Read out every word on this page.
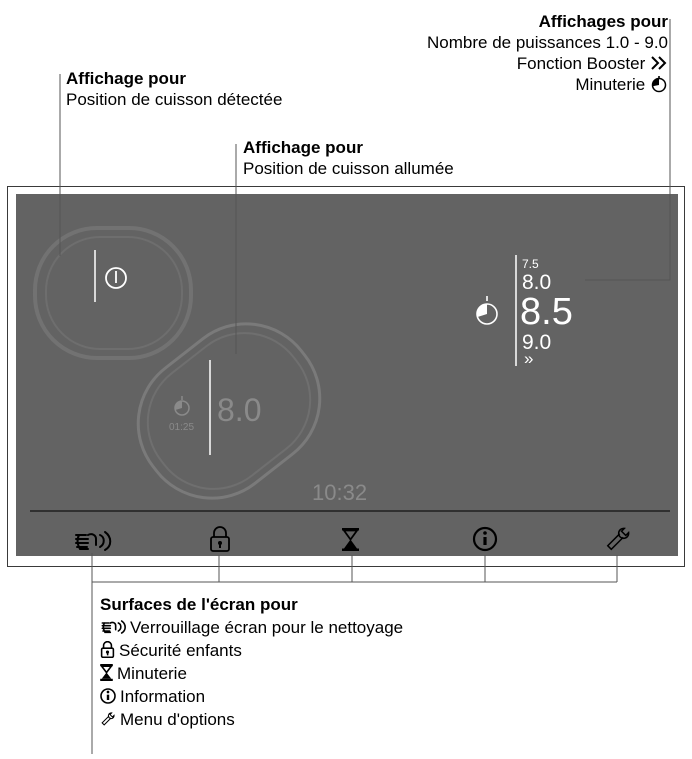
Affichage pour
Position de cuisson détectée
Affichage pour
Position de cuisson allumée
Affichages pour
Nombre de puissances 1.0 - 9.0
Fonction Booster
Minuterie
8.0
01:25
7.5
8.0
8.5
9.0
»
10:32
Surfaces de l'écran pour
Verrouillage écran pour le nettoyage
Sécurité enfants
Minuterie
Information
Menu d'options
